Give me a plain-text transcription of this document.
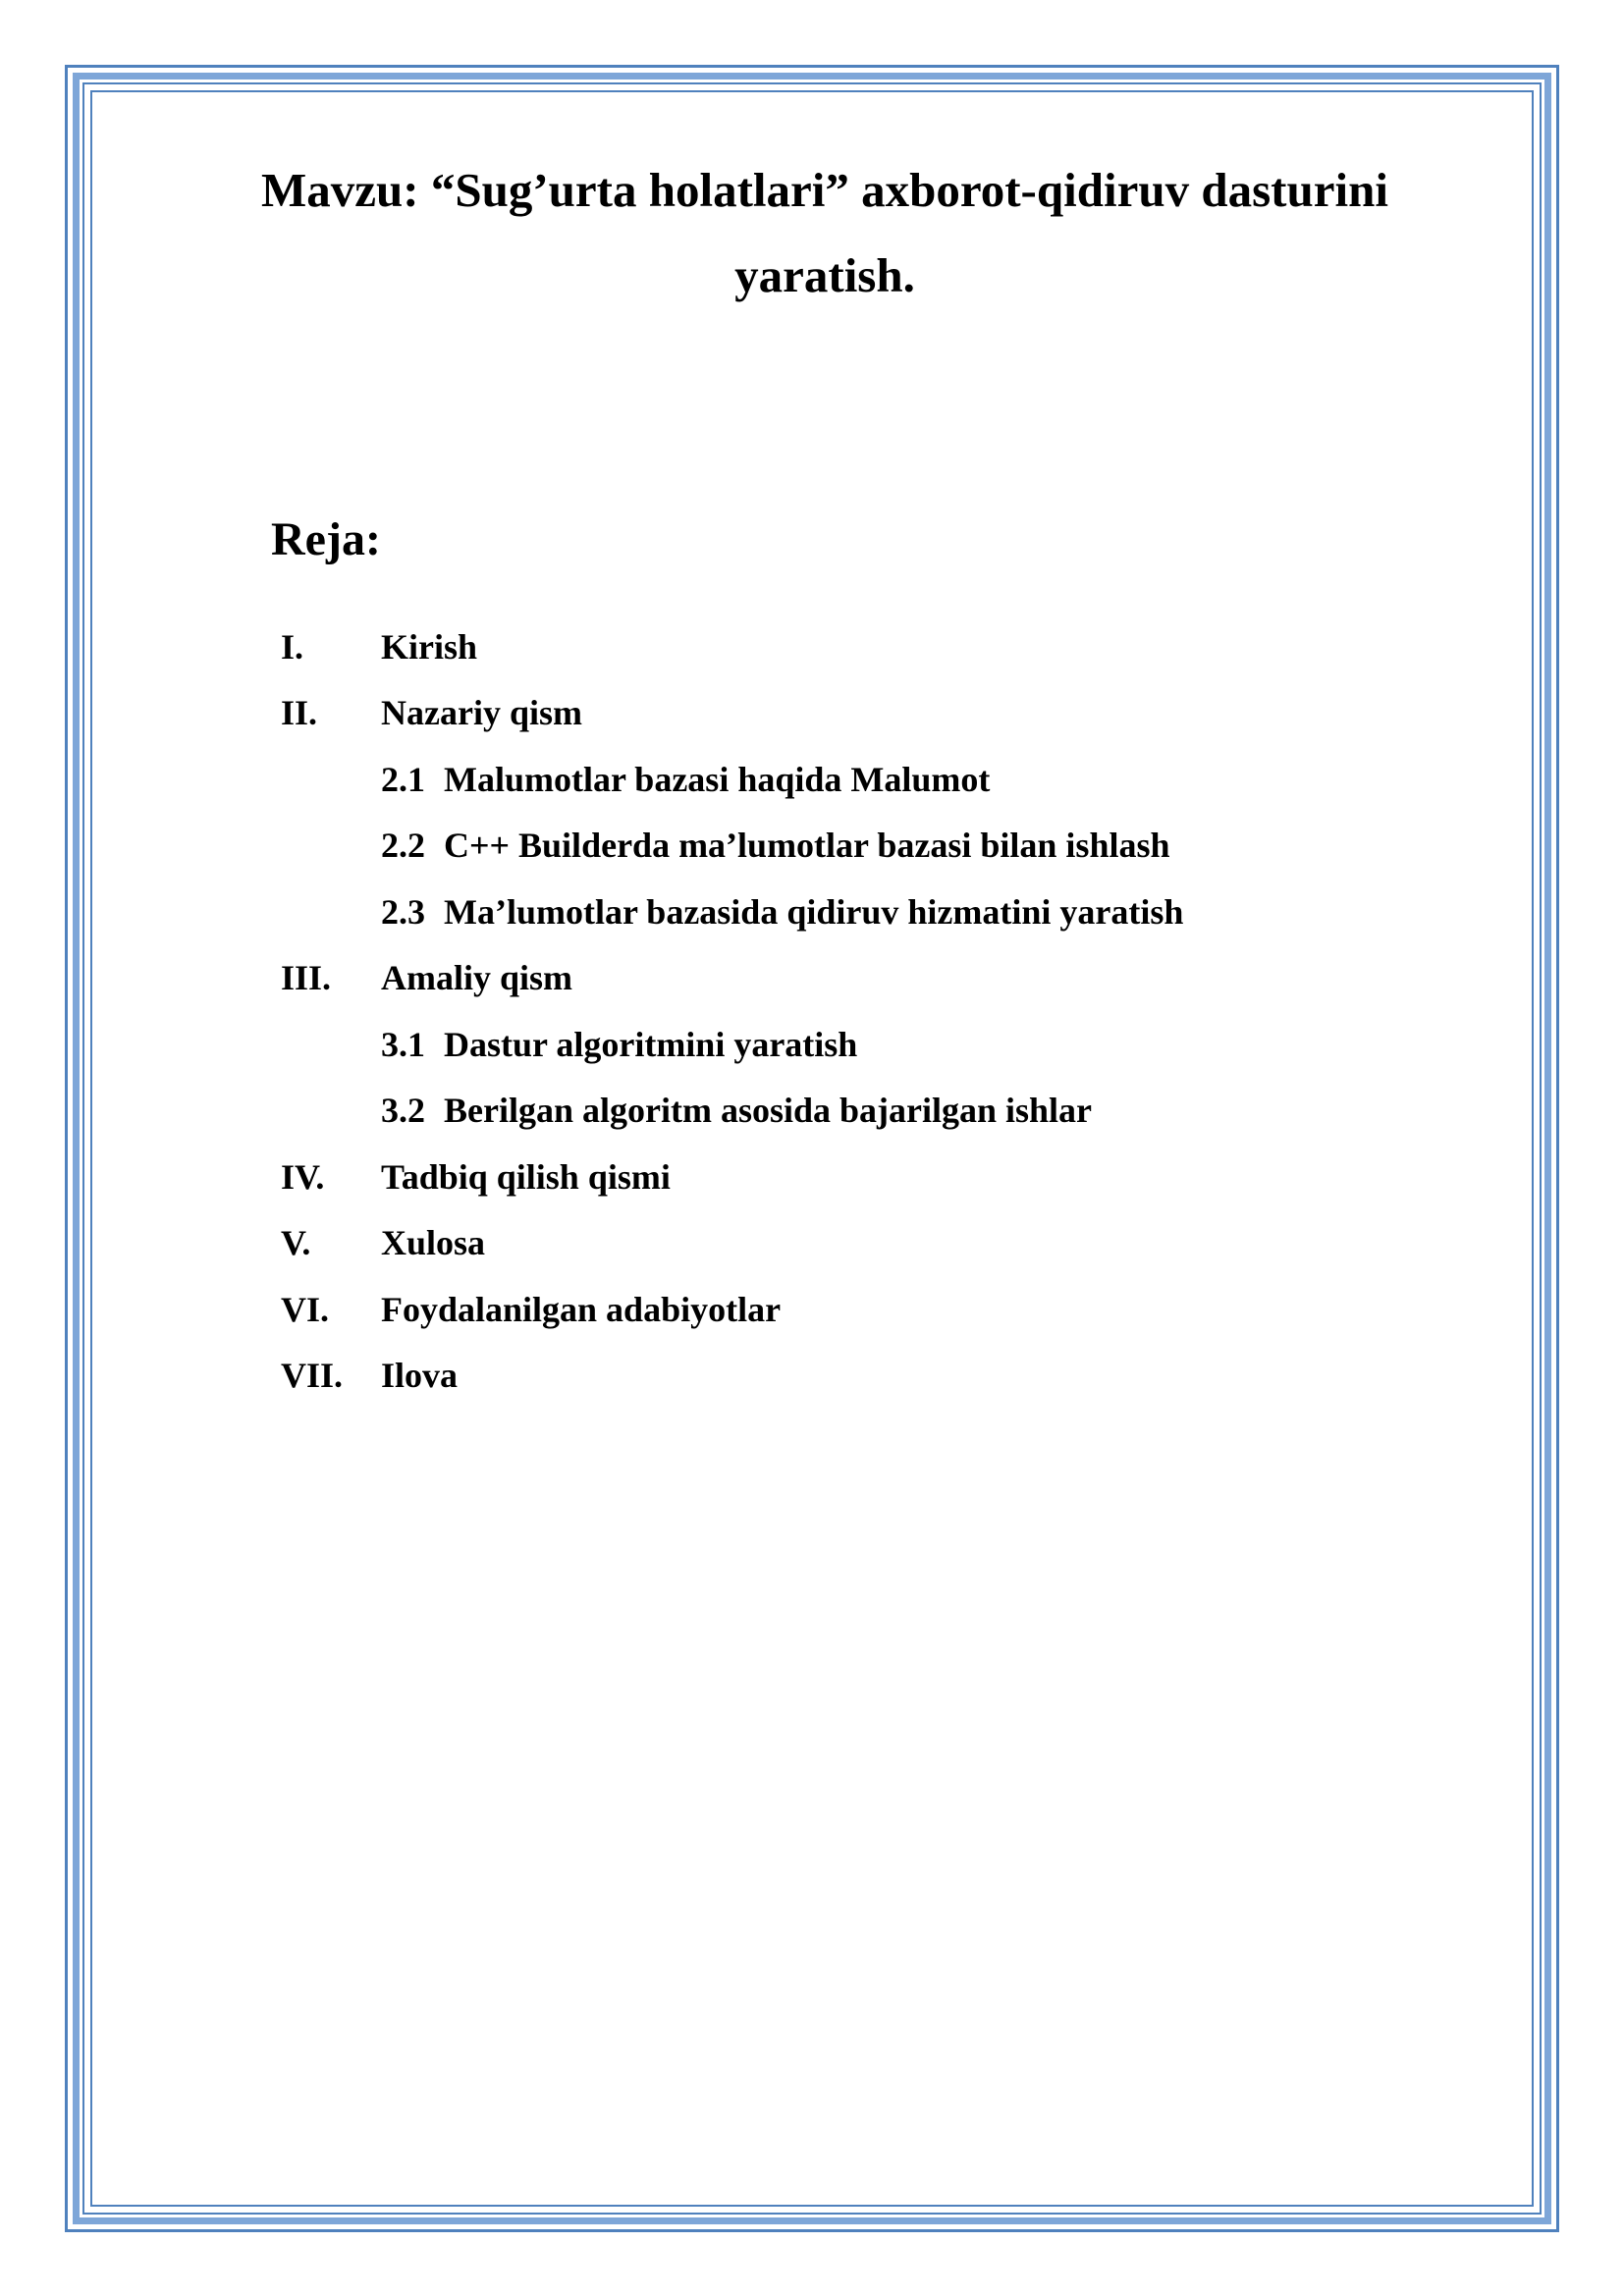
Mavzu: “Sug’urta holatlari” axborot-qidiruv dasturini
yaratish.
Reja:
I.	Kirish
II.	Nazariy qism
2.1 Malumotlar bazasi haqida Malumot
2.2 C++ Builderda ma’lumotlar bazasi bilan ishlash
2.3 Ma’lumotlar bazasida qidiruv hizmatini yaratish
III.	Amaliy qism
3.1 Dastur algoritmini yaratish
3.2 Berilgan algoritm asosida bajarilgan ishlar
IV.	Tadbiq qilish qismi
V.	Xulosa
VI.	Foydalanilgan adabiyotlar
VII.	Ilova
